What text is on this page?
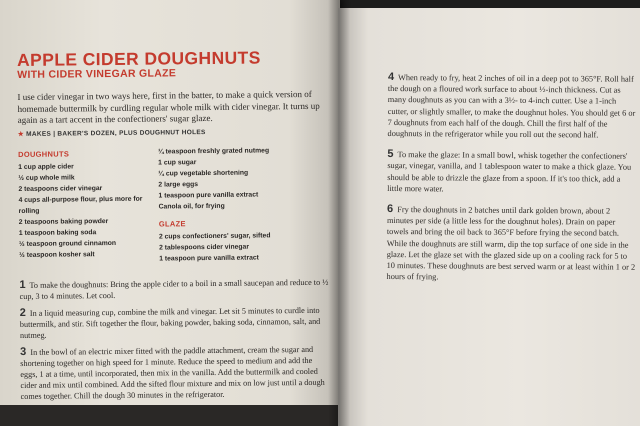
APPLE CIDER DOUGHNUTS
WITH CIDER VINEGAR GLAZE
I use cider vinegar in two ways here, first in the batter, to make a quick version of homemade buttermilk by curdling regular whole milk with cider vinegar. It turns up again as a tart accent in the confectioners' sugar glaze.
★ MAKES | BAKER'S DOZEN, PLUS DOUGHNUT HOLES
DOUGHNUTS
1 cup apple cider
½ cup whole milk
2 teaspoons cider vinegar
4 cups all-purpose flour, plus more for rolling
2 teaspoons baking powder
1 teaspoon baking soda
½ teaspoon ground cinnamon
½ teaspoon kosher salt
¼ teaspoon freshly grated nutmeg
1 cup sugar
¼ cup vegetable shortening
2 large eggs
1 teaspoon pure vanilla extract
Canola oil, for frying
GLAZE
2 cups confectioners' sugar, sifted
2 tablespoons cider vinegar
1 teaspoon pure vanilla extract
1 To make the doughnuts: Bring the apple cider to a boil in a small saucepan and reduce to ½ cup, 3 to 4 minutes. Let cool.
2 In a liquid measuring cup, combine the milk and vinegar. Let sit 5 minutes to curdle into buttermilk, and stir. Sift together the flour, baking powder, baking soda, cinnamon, salt, and nutmeg.
3 In the bowl of an electric mixer fitted with the paddle attachment, cream the sugar and shortening together on high speed for 1 minute. Reduce the speed to medium and add the eggs, 1 at a time, until incorporated, then mix in the vanilla. Add the buttermilk and cooled cider and mix until combined. Add the sifted flour mixture and mix on low just until a dough comes together. Chill the dough 30 minutes in the refrigerator.
4 When ready to fry, heat 2 inches of oil in a deep pot to 365°F. Roll half the dough on a floured work surface to about ½-inch thickness. Cut as many doughnuts as you can with a 3½- to 4-inch cutter. Use a 1-inch cutter, or slightly smaller, to make the doughnut holes. You should get 6 or 7 doughnuts from each half of the dough. Chill the first half of the doughnuts in the refrigerator while you roll out the second half.
5 To make the glaze: In a small bowl, whisk together the confectioners' sugar, vinegar, vanilla, and 1 tablespoon water to make a thick glaze. You should be able to drizzle the glaze from a spoon. If it's too thick, add a little more water.
6 Fry the doughnuts in 2 batches until dark golden brown, about 2 minutes per side (a little less for the doughnut holes). Drain on paper towels and bring the oil back to 365°F before frying the second batch. While the doughnuts are still warm, dip the top surface of one side in the glaze. Let the glaze set with the glazed side up on a cooling rack for 5 to 10 minutes. These doughnuts are best served warm or at least within 1 or 2 hours of frying.
